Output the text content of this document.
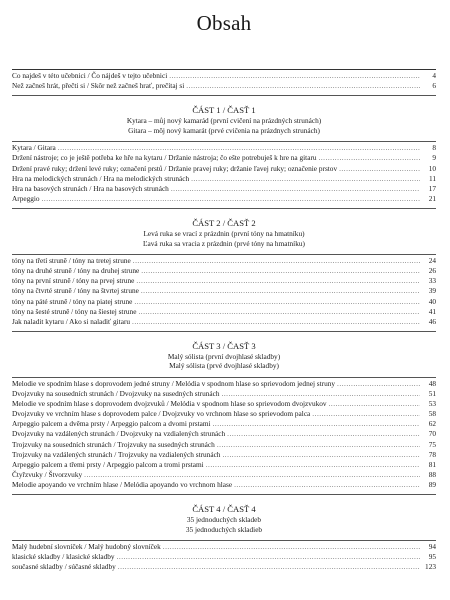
Obsah
Co najdeš v této učebnici / Čo nájdeš v tejto učebnici .....	4
Než začneš hrát, přečti si / Skôr než začneš hrať, prečítaj si .....	6

ČÁST 1 / ČASŤ 1

Kytara – můj nový kamarád (první cvičení na prázdných strunách)

Gitara – môj nový kamarát (prvé cvičenia na prázdnych strunách)

Kytara / Gitara .....	8
Držení nástroje; co je ještě potřeba ke hře na kytaru / Držanie nástroja; čo ešte potrebuješ k hre na gitaru .....	9
Držení pravé ruky; držení levé ruky; označení prstů / Držanie pravej ruky; držanie ľavej ruky; označenie prstov .....	10
Hra na melodických strunách / Hra na melodických strunách .....	11
Hra na basových strunách / Hra na basových strunách .....	17
Arpeggio .....	21

ČÁST 2 / ČASŤ 2

Levá ruka se vrací z prázdnin (první tóny na hmatníku)

Ľavá ruka sa vracia z prázdnin (prvé tóny na hmatníku)

tóny na třetí struně / tóny na tretej strune .....	24
tóny na druhé struně / tóny na druhej strune .....	26
tóny na první struně / tóny na prvej strune .....	33
tóny na čtvrté struně / tóny na štvrtej strune .....	39
tóny na páté struně / tóny na piatej strune .....	40
tóny na šesté struně / tóny na šiestej strune .....	41
Jak naladit kytaru / Ako si naladiť gitaru .....	46

ČÁST 3 / ČASŤ 3

Malý sólista (první dvojhlasé skladby)

Malý sólista (prvé dvojhlasé skladby)

Melodie ve spodním hlase s doprovodem jedné struny / Melódia v spodnom hlase so sprievodom jednej struny .....	48
Dvojzvuky na sousedních strunách / Dvojzvuky na susedných strunách .....	51
Melodie ve spodním hlase s doprovodem dvojzvuků / Melódia v spodnom hlase so sprievodom dvojzvukov .....	53
Dvojzvuky ve vrchním hlase s doprovodem palce / Dvojzvuky vo vrchnom hlase so sprievodom palca .....	58
Arpeggio palcem a dvěma prsty / Arpeggio palcom a dvomi prstami .....	62
Dvojzvuky na vzdálených strunách / Dvojzvuky na vzdialených strunách .....	70
Trojzvuky na sousedních strunách / Trojzvuky na susedných strunách .....	75
Trojzvuky na vzdálených strunách / Trojzvuky na vzdialených strunách .....	78
Arpeggio palcem a třemi prsty / Arpeggio palcom a tromi prstami .....	81
Čtyřzvuky / Štvorzvuky .....	88
Melodie apoyando ve vrchním hlase / Melódia apoyando vo vrchnom hlase .....	89

ČÁST 4 / ČASŤ 4

35 jednoduchých skladeb

35 jednoduchých skladieb

Malý hudební slovníček / Malý hudobný slovníček .....	94
klasické skladby / klasické skladby .....	95
současné skladby / súčasné skladby .....	123
